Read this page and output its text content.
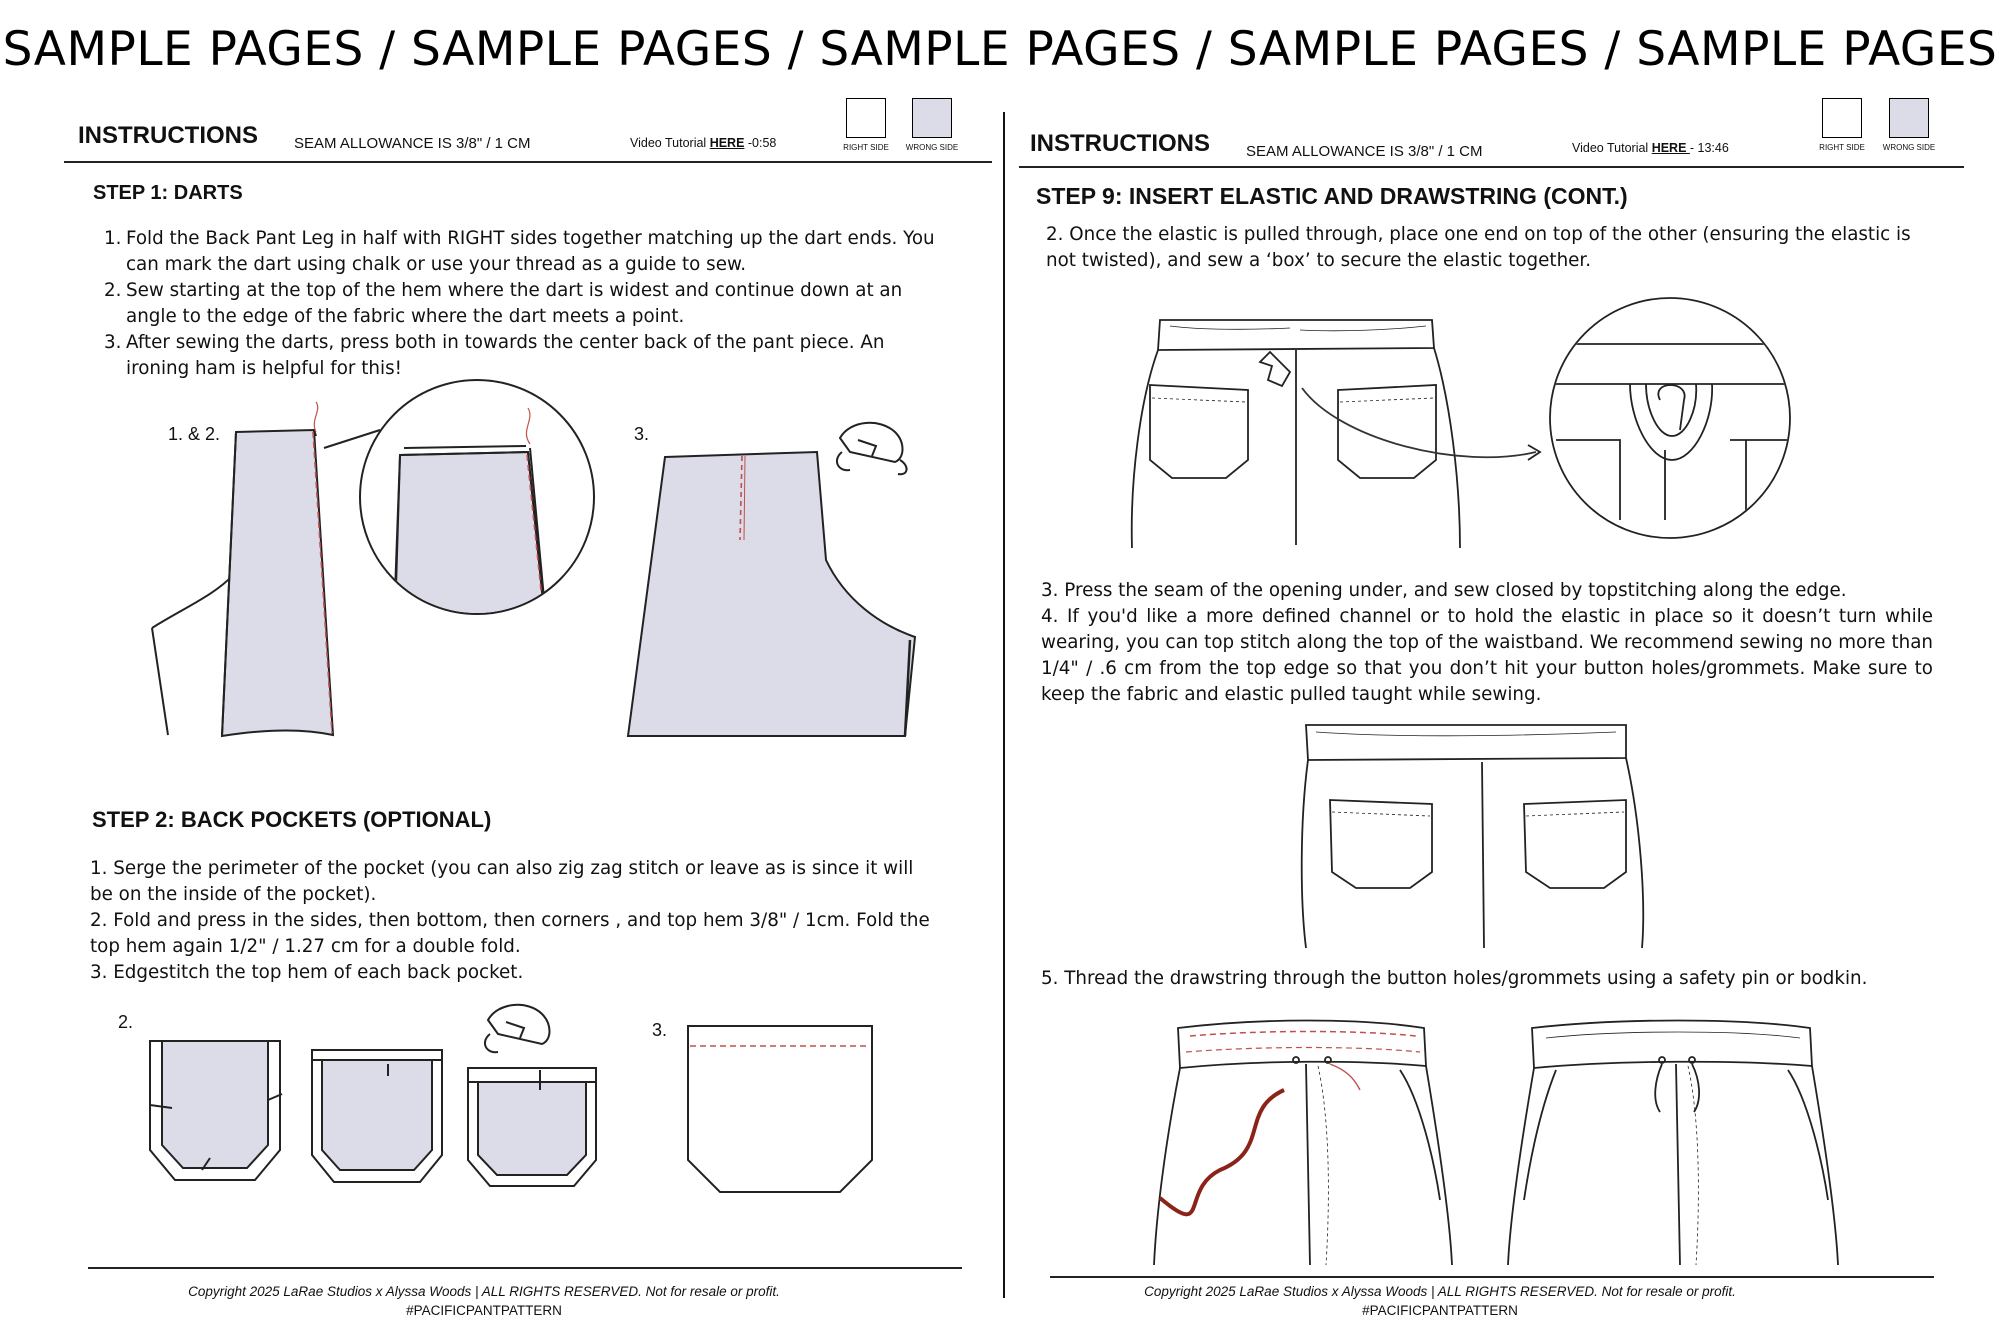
SAMPLE PAGES / SAMPLE PAGES / SAMPLE PAGES / SAMPLE PAGES / SAMPLE PAGES
INSTRUCTIONS SEAM ALLOWANCE IS 3/8" / 1 CM	Video Tutorial HERE -0:58	RIGHT SIDE	WRONG SIDE
STEP 1: DARTS
1. Fold the Back Pant Leg in half with RIGHT sides together matching up the dart ends. You can mark the dart using chalk or use your thread as a guide to sew.
2. Sew starting at the top of the hem where the dart is widest and continue down at an angle to the edge of the fabric where the dart meets a point.
3. After sewing the darts, press both in towards the center back of the pant piece. An ironing ham is helpful for this!
1. & 2.	3.
STEP 2: BACK POCKETS (OPTIONAL)
1. Serge the perimeter of the pocket (you can also zig zag stitch or leave as is since it will be on the inside of the pocket).
2. Fold and press in the sides, then bottom, then corners , and top hem 3/8" / 1cm. Fold the top hem again 1/2" / 1.27 cm for a double fold.
3. Edgestitch the top hem of each back pocket.
2.	3.
Copyright 2025 LaRae Studios x Alyssa Woods | ALL RIGHTS RESERVED. Not for resale or profit.
#PACIFICPANTPATTERN
INSTRUCTIONS SEAM ALLOWANCE IS 3/8" / 1 CM	Video Tutorial HERE - 13:46	RIGHT SIDE	WRONG SIDE
STEP 9: INSERT ELASTIC AND DRAWSTRING (CONT.)
2. Once the elastic is pulled through, place one end on top of the other (ensuring the elastic is not twisted), and sew a ‘box’ to secure the elastic together.
3. Press the seam of the opening under, and sew closed by topstitching along the edge.
4. If you'd like a more defined channel or to hold the elastic in place so it doesn’t turn while wearing, you can top stitch along the top of the waistband. We recommend sewing no more than 1/4" / .6 cm from the top edge so that you don’t hit your button holes/grommets. Make sure to keep the fabric and elastic pulled taught while sewing.
5. Thread the drawstring through the button holes/grommets using a safety pin or bodkin.
Copyright 2025 LaRae Studios x Alyssa Woods | ALL RIGHTS RESERVED. Not for resale or profit.
#PACIFICPANTPATTERN
